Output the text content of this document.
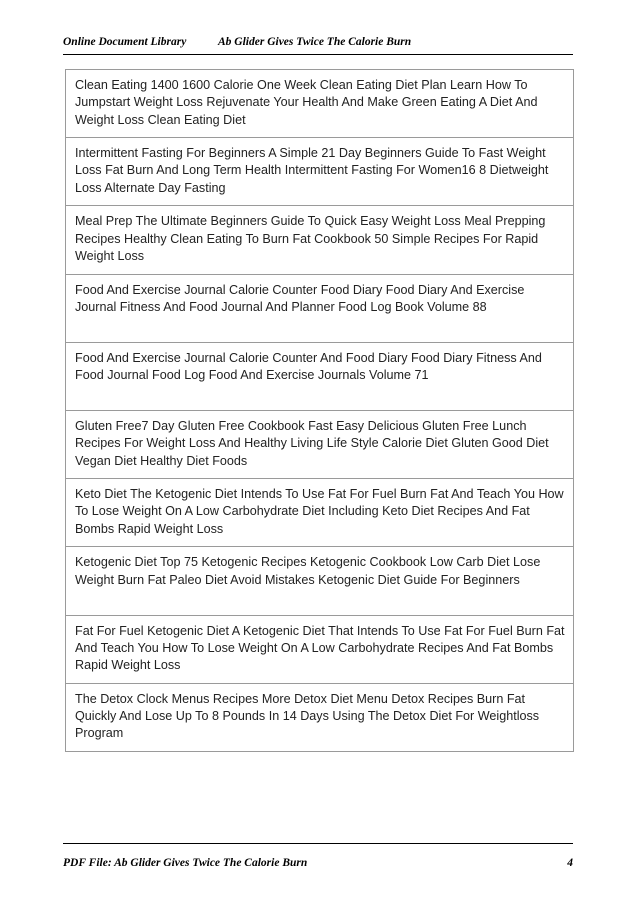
Online Document Library	Ab Glider Gives Twice The Calorie Burn
Clean Eating 1400 1600 Calorie One Week Clean Eating Diet Plan Learn How To Jumpstart Weight Loss Rejuvenate Your Health And Make Green Eating A Diet And Weight Loss Clean Eating Diet
Intermittent Fasting For Beginners A Simple 21 Day Beginners Guide To Fast Weight Loss Fat Burn And Long Term Health Intermittent Fasting For Women16 8 Dietweight Loss Alternate Day Fasting
Meal Prep The Ultimate Beginners Guide To Quick Easy Weight Loss Meal Prepping Recipes Healthy Clean Eating To Burn Fat Cookbook 50 Simple Recipes For Rapid Weight Loss
Food And Exercise Journal Calorie Counter Food Diary Food Diary And Exercise Journal Fitness And Food Journal And Planner Food Log Book Volume 88
Food And Exercise Journal Calorie Counter And Food Diary Food Diary Fitness And Food Journal Food Log Food And Exercise Journals Volume 71
Gluten Free7 Day Gluten Free Cookbook Fast Easy Delicious Gluten Free Lunch Recipes For Weight Loss And Healthy Living Life Style Calorie Diet Gluten Good Diet Vegan Diet Healthy Diet Foods
Keto Diet The Ketogenic Diet Intends To Use Fat For Fuel Burn Fat And Teach You How To Lose Weight On A Low Carbohydrate Diet Including Keto Diet Recipes And Fat Bombs Rapid Weight Loss
Ketogenic Diet Top 75 Ketogenic Recipes Ketogenic Cookbook Low Carb Diet Lose Weight Burn Fat Paleo Diet Avoid Mistakes Ketogenic Diet Guide For Beginners
Fat For Fuel Ketogenic Diet A Ketogenic Diet That Intends To Use Fat For Fuel Burn Fat And Teach You How To Lose Weight On A Low Carbohydrate Recipes And Fat Bombs Rapid Weight Loss
The Detox Clock Menus Recipes More Detox Diet Menu Detox Recipes Burn Fat Quickly And Lose Up To 8 Pounds In 14 Days Using The Detox Diet For Weightloss Program
PDF File: Ab Glider Gives Twice The Calorie Burn	4
